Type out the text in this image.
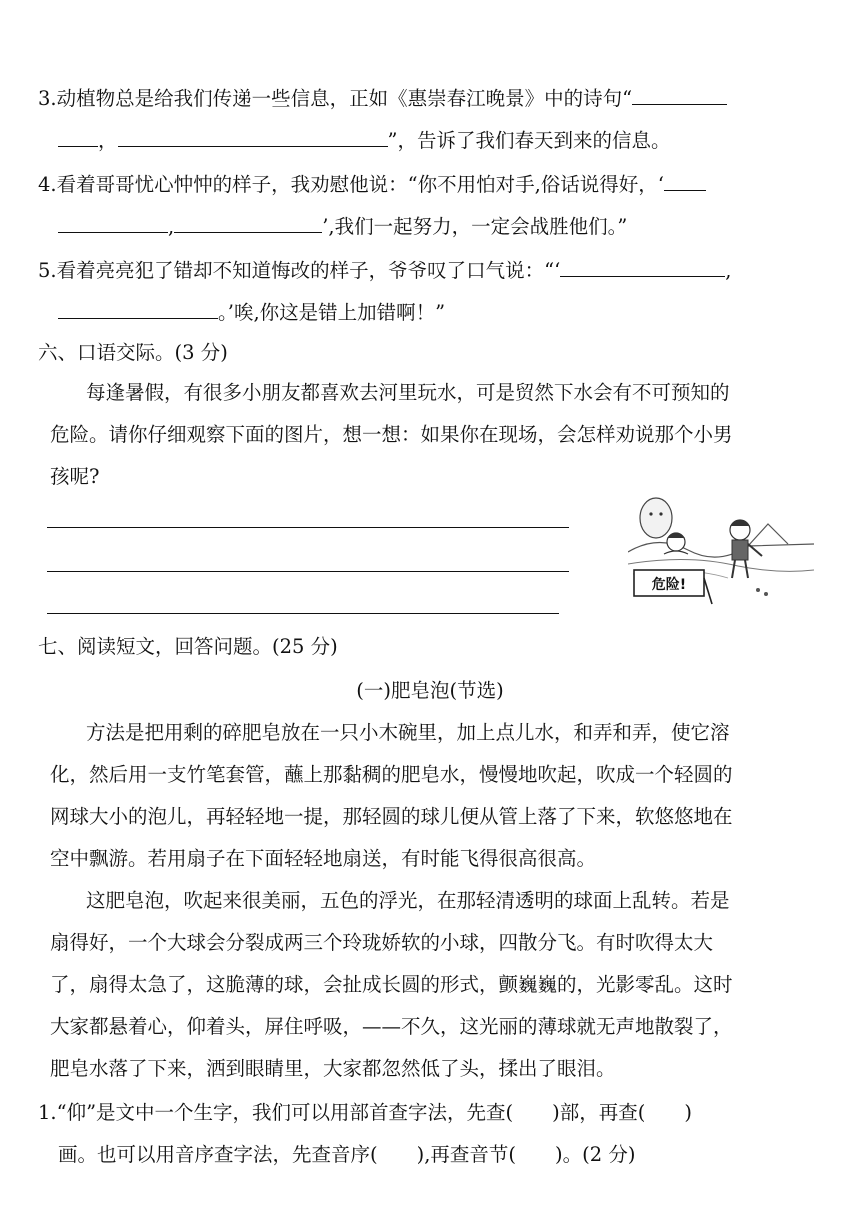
3.动植物总是给我们传递一些信息，正如《惠崇春江晚景》中的诗句“
，	”，告诉了我们春天到来的信息。
4.看着哥哥忧心忡忡的样子，我劝慰他说：“你不用怕对手,俗话说得好，‘
,	’,我们一起努力，一定会战胜他们。”
5.看着亮亮犯了错却不知道悔改的样子，爷爷叹了口气说：“‘	,
。’唉,你这是错上加错啊！”
六、口语交际。(3 分)
每逢暑假，有很多小朋友都喜欢去河里玩水，可是贸然下水会有不可预知的
危险。请你仔细观察下面的图片，想一想：如果你在现场，会怎样劝说那个小男
孩呢?
危险!
七、阅读短文，回答问题。(25 分)
(一)肥皂泡(节选)
方法是把用剩的碎肥皂放在一只小木碗里，加上点儿水，和弄和弄，使它溶
化，然后用一支竹笔套管，蘸上那黏稠的肥皂水，慢慢地吹起，吹成一个轻圆的
网球大小的泡儿，再轻轻地一提，那轻圆的球儿便从管上落了下来，软悠悠地在
空中飘游。若用扇子在下面轻轻地扇送，有时能飞得很高很高。
这肥皂泡，吹起来很美丽，五色的浮光，在那轻清透明的球面上乱转。若是
扇得好，一个大球会分裂成两三个玲珑娇软的小球，四散分飞。有时吹得太大
了，扇得太急了，这脆薄的球，会扯成长圆的形式，颤巍巍的，光影零乱。这时
大家都悬着心，仰着头，屏住呼吸，——不久，这光丽的薄球就无声地散裂了，
肥皂水落了下来，洒到眼睛里，大家都忽然低了头，揉出了眼泪。
1.“仰”是文中一个生字，我们可以用部首查字法，先查(　　)部，再查(　　)
画。也可以用音序查字法，先查音序(　　),再查音节(　　)。(2 分)
